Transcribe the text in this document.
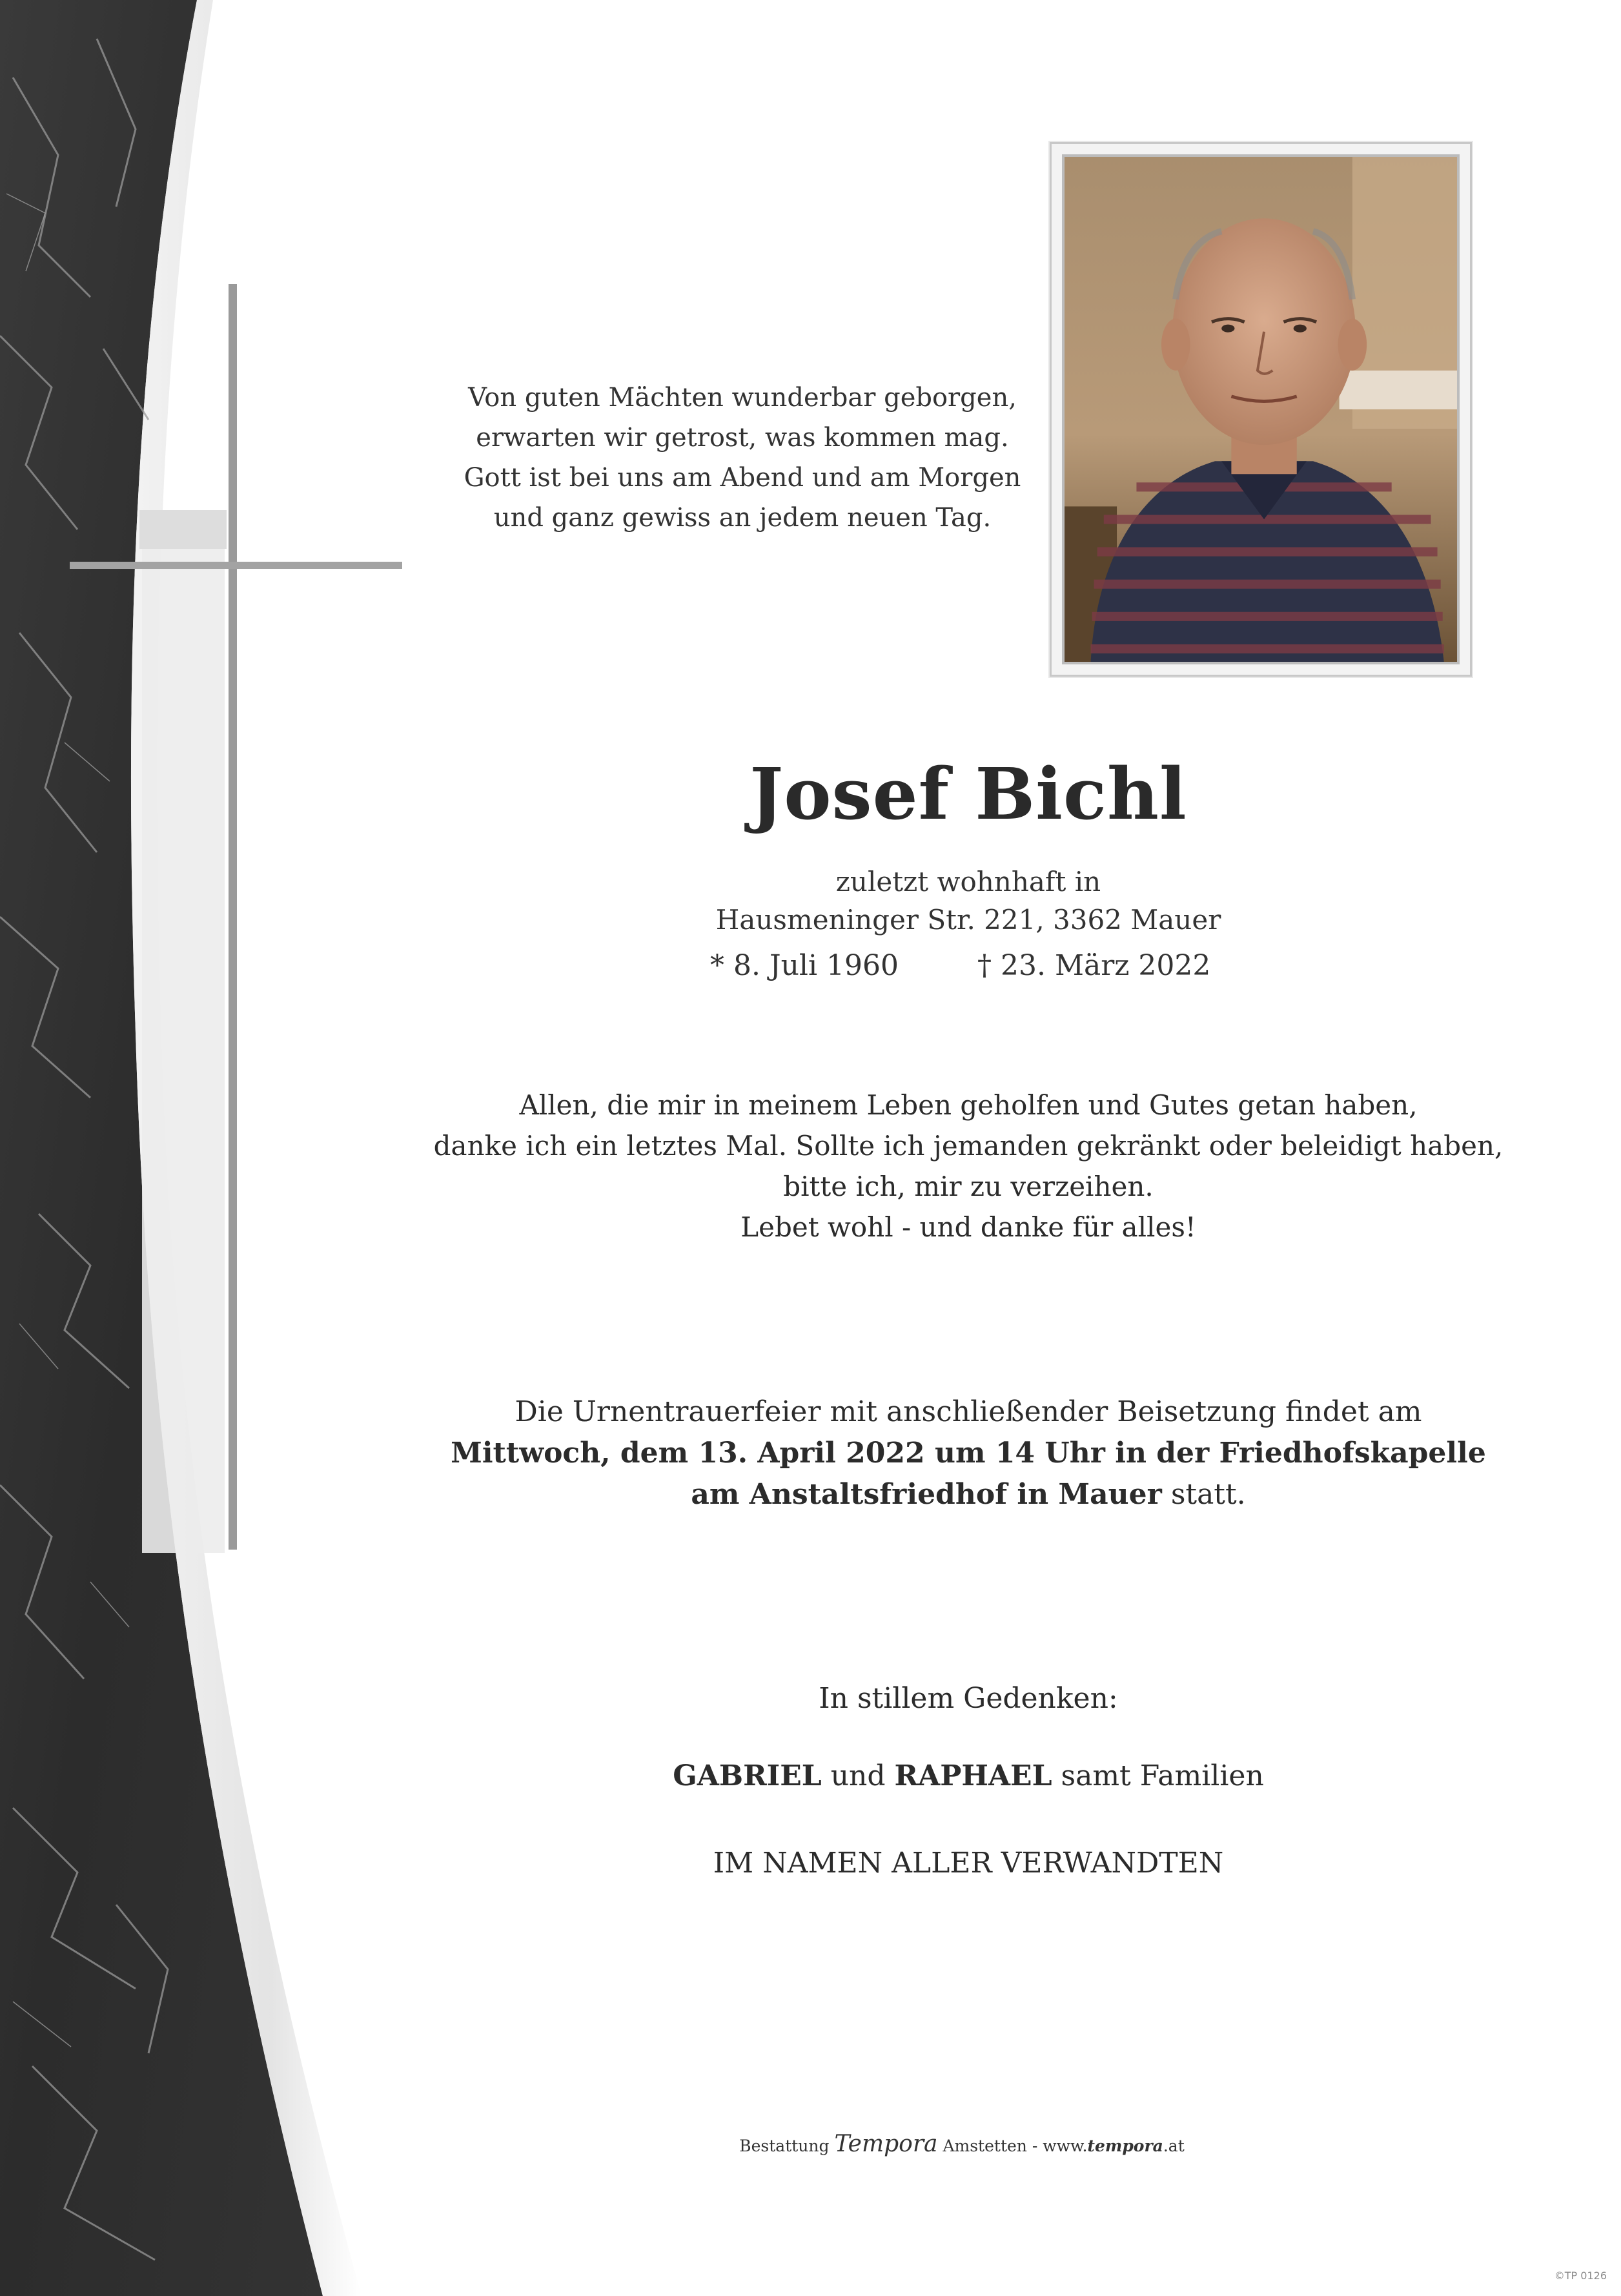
Von guten Mächten wunderbar geborgen,
erwarten wir getrost, was kommen mag.
Gott ist bei uns am Abend und am Morgen
und ganz gewiss an jedem neuen Tag.
Josef Bichl
zuletzt wohnhaft in
Hausmeninger Str. 221, 3362 Mauer
* 8. Juli 1960	† 23. März 2022
Allen, die mir in meinem Leben geholfen und Gutes getan haben,
danke ich ein letztes Mal. Sollte ich jemanden gekränkt oder beleidigt haben,
bitte ich, mir zu verzeihen.
Lebet wohl - und danke für alles!
Die Urnentrauerfeier mit anschließender Beisetzung findet am
Mittwoch, dem 13. April 2022 um 14 Uhr in der Friedhofskapelle
am Anstaltsfriedhof in Mauer statt.
In stillem Gedenken:
GABRIEL und RAPHAEL samt Familien
IM NAMEN ALLER VERWANDTEN
Bestattung Tempora Amstetten - www.tempora.at
©TP 0126
